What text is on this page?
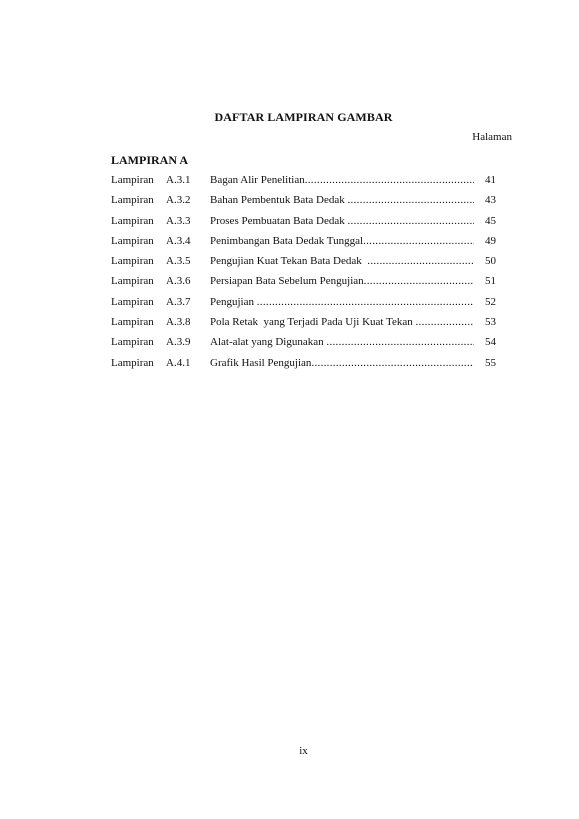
DAFTAR LAMPIRAN GAMBAR
Halaman
LAMPIRAN A
Lampiran	A.3.1	Bagan Alir Penelitian .....	41
Lampiran	A.3.2	Bahan Pembentuk Bata Dedak .....	43
Lampiran	A.3.3	Proses Pembuatan Bata Dedak .....	45
Lampiran	A.3.4	Penimbangan Bata Dedak Tunggal .....	49
Lampiran	A.3.5	Pengujian Kuat Tekan Bata Dedak .....	50
Lampiran	A.3.6	Persiapan Bata Sebelum Pengujian .....	51
Lampiran	A.3.7	Pengujian .....	52
Lampiran	A.3.8	Pola Retak  yang Terjadi Pada Uji Kuat Tekan .....	53
Lampiran	A.3.9	Alat-alat yang Digunakan .....	54
Lampiran	A.4.1	Grafik Hasil Pengujian .....	55
ix
